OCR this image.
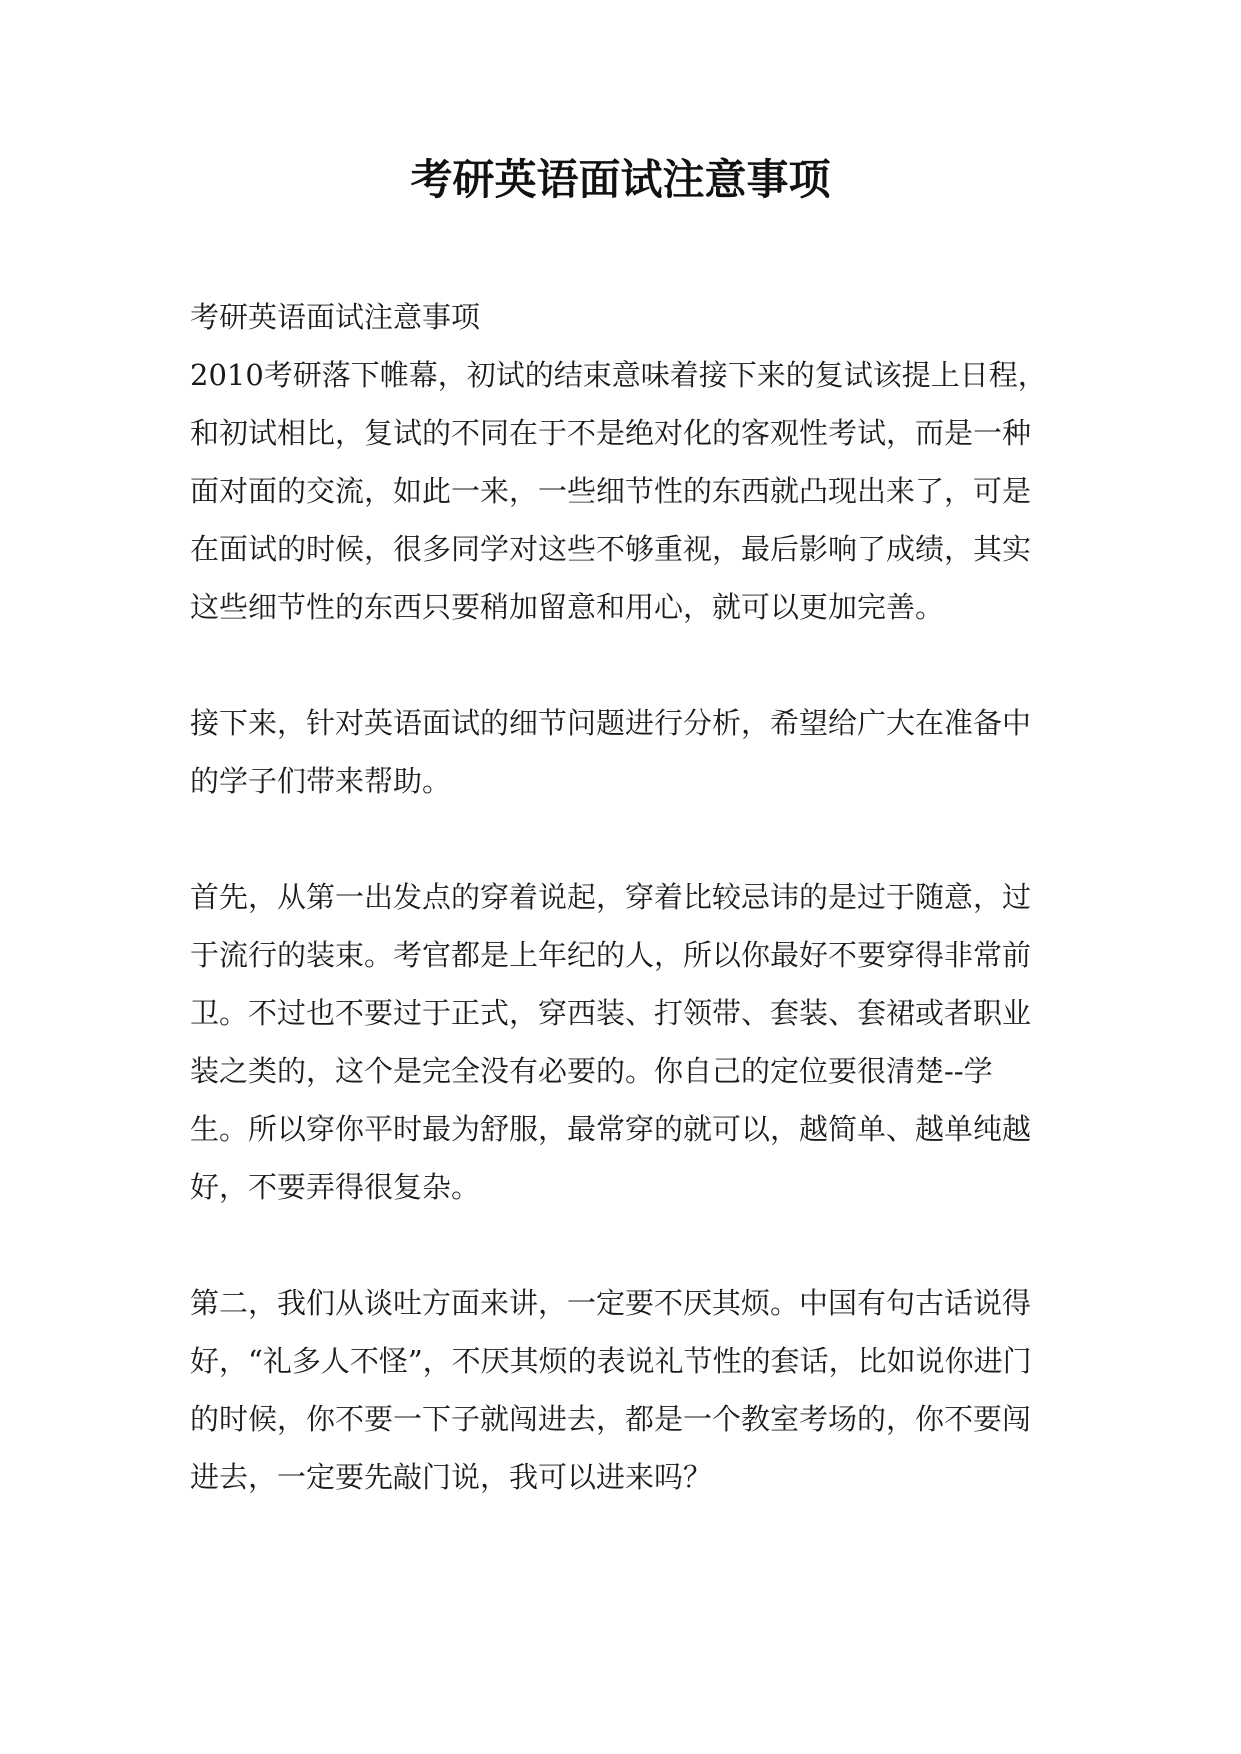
考研英语面试注意事项

考研英语面试注意事项

2010考研落下帷幕，初试的结束意味着接下来的复试该提上日程，和初试相比，复试的不同在于不是绝对化的客观性考试，而是一种面对面的交流，如此一来，一些细节性的东西就凸现出来了，可是在面试的时候，很多同学对这些不够重视，最后影响了成绩，其实这些细节性的东西只要稍加留意和用心，就可以更加完善。

接下来，针对英语面试的细节问题进行分析，希望给广大在准备中的学子们带来帮助。

首先，从第一出发点的穿着说起，穿着比较忌讳的是过于随意，过于流行的装束。考官都是上年纪的人，所以你最好不要穿得非常前卫。不过也不要过于正式，穿西装、打领带、套装、套裙或者职业装之类的，这个是完全没有必要的。你自己的定位要很清楚--学生。所以穿你平时最为舒服，最常穿的就可以，越简单、越单纯越好，不要弄得很复杂。

第二，我们从谈吐方面来讲，一定要不厌其烦。中国有句古话说得好，“礼多人不怪”，不厌其烦的表说礼节性的套话，比如说你进门的时候，你不要一下子就闯进去，都是一个教室考场的，你不要闯进去，一定要先敲门说，我可以进来吗？
